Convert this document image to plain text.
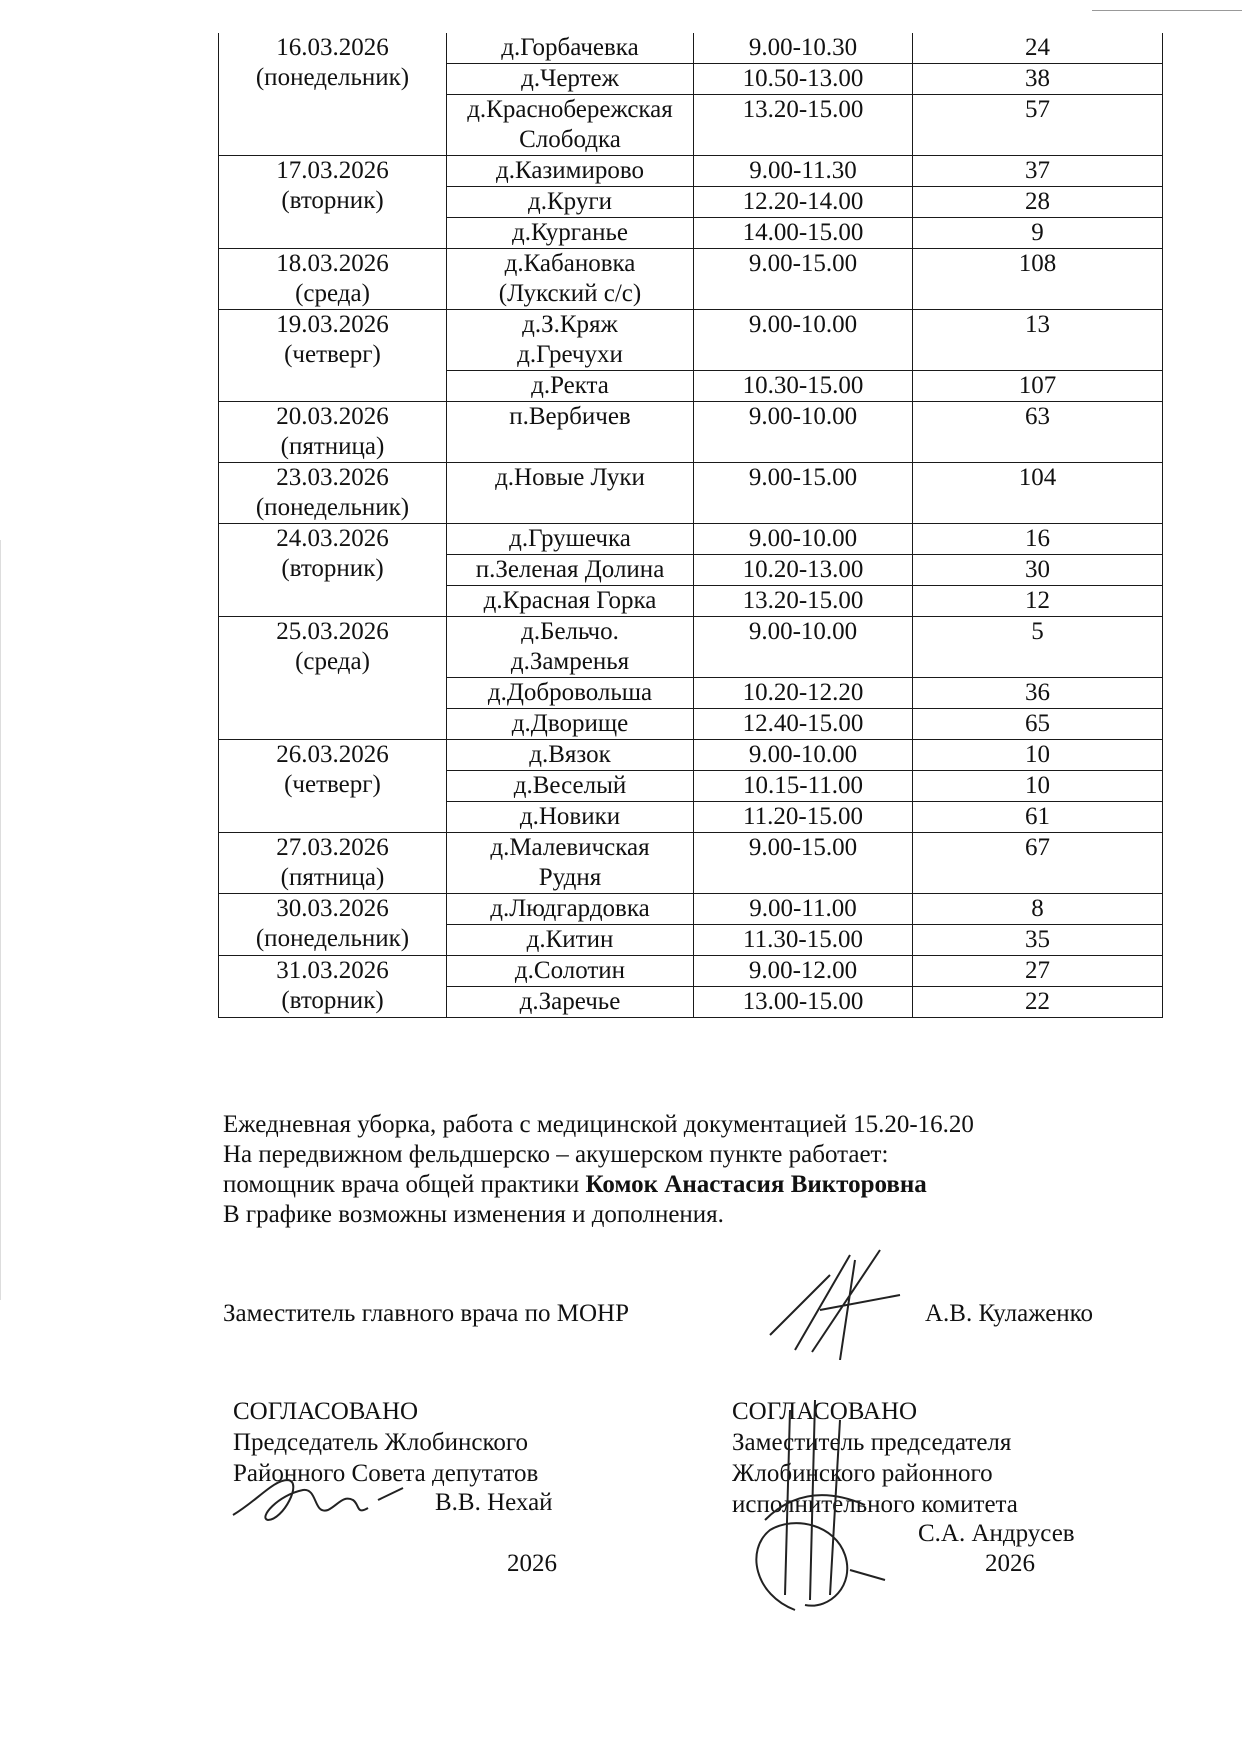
16.03.2026
(понедельник)	д.Горбачевка	9.00-10.30	24

	д.Чертеж	10.50-13.00	38

	д.Краснобережская
Слободка	13.20-15.00	57

17.03.2026
(вторник)	д.Казимирово	9.00-11.30	37

	д.Круги	12.20-14.00	28

	д.Курганье	14.00-15.00	9

18.03.2026
(среда)	д.Кабановка
(Лукский с/с)	9.00-15.00	108

19.03.2026
(четверг)	д.З.Кряж
д.Гречухи	9.00-10.00	13

	д.Ректа	10.30-15.00	107

20.03.2026
(пятница)	п.Вербичев	9.00-10.00	63

23.03.2026
(понедельник)	д.Новые Луки	9.00-15.00	104

24.03.2026
(вторник)	д.Грушечка	9.00-10.00	16

	п.Зеленая Долина	10.20-13.00	30

	д.Красная Горка	13.20-15.00	12

25.03.2026
(среда)	д.Бельчо.
д.Замренья	9.00-10.00	5

	д.Добровольша	10.20-12.20	36

	д.Дворище	12.40-15.00	65

26.03.2026
(четверг)	д.Вязок	9.00-10.00	10

	д.Веселый	10.15-11.00	10

	д.Новики	11.20-15.00	61

27.03.2026
(пятница)	д.Малевичская
Рудня	9.00-15.00	67

30.03.2026
(понедельник)	д.Людгардовка	9.00-11.00	8

	д.Китин	11.30-15.00	35

31.03.2026
(вторник)	д.Солотин	9.00-12.00	27

	д.Заречье	13.00-15.00	22
Ежедневная уборка, работа с медицинской документацией 15.20-16.20
На передвижном фельдшерско – акушерском пункте работает:
помощник врача общей практики Комок Анастасия Викторовна
В графике возможны изменения и дополнения.
Заместитель главного врача по МОНР	А.В. Кулаженко
СОГЛАСОВАНО
Председатель Жлобинского
Районного Совета депутатов
В.В. Нехай
2026
СОГЛАСОВАНО
Заместитель председателя
Жлобинского районного
исполнительного комитета
С.А. Андрусев
2026
